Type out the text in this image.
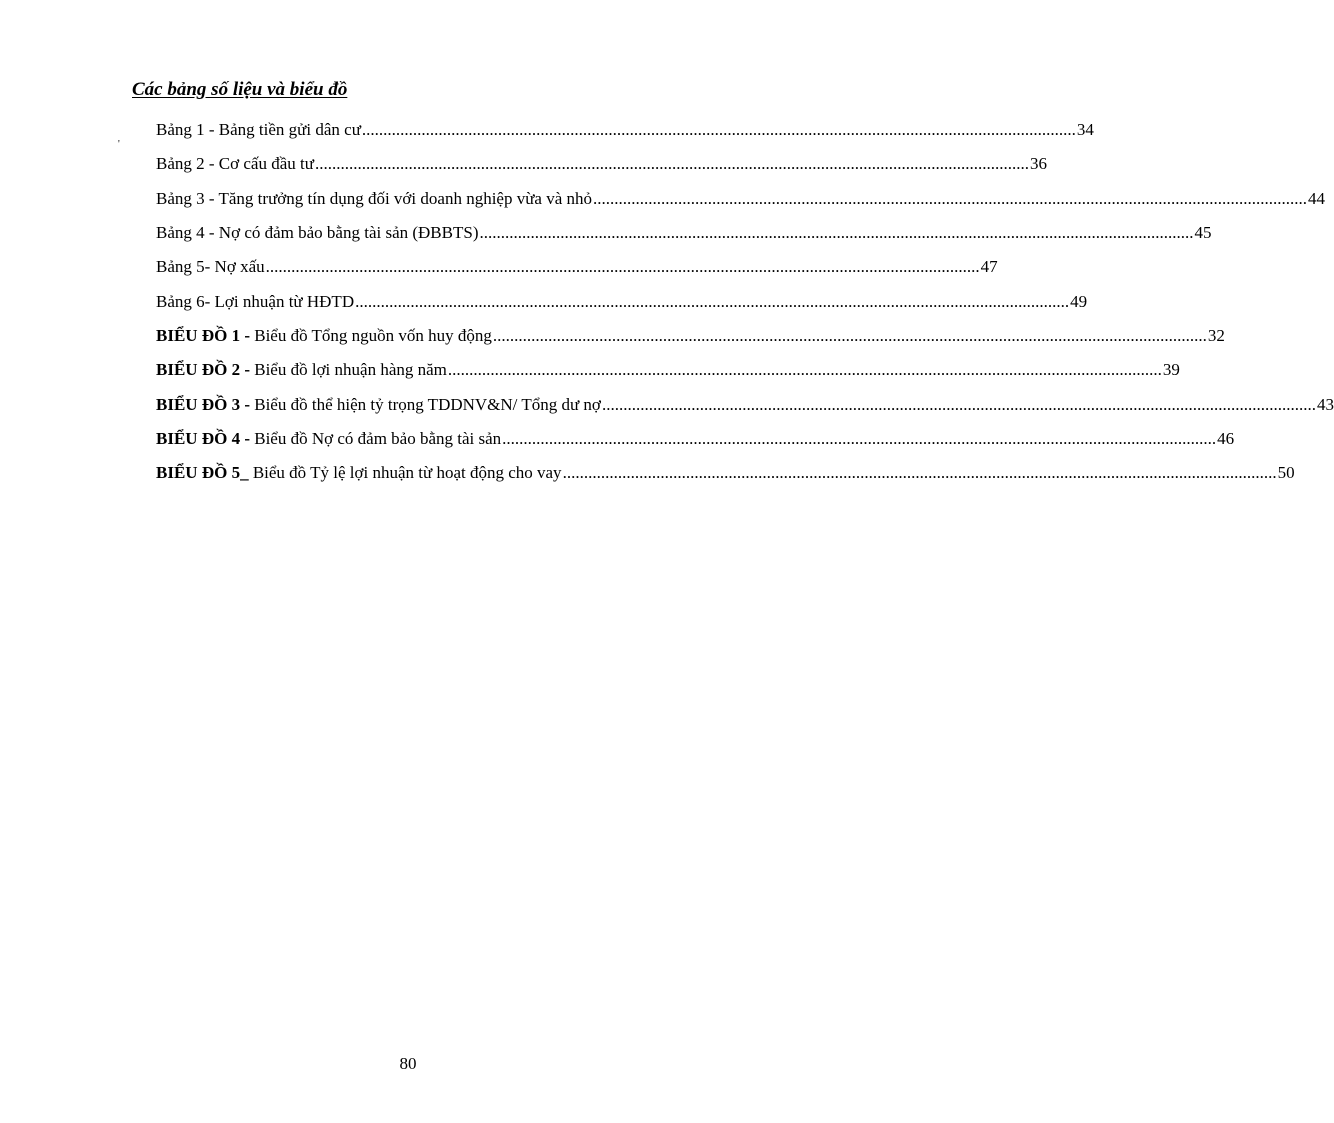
Các bảng số liệu và biểu đồ
'
Bảng 1 - Bảng tiền gửi dân cư ........................................................................................................................................................................ 34
Bảng 2 - Cơ cấu đầu tư ........................................................................................................................................................................ 36
Bảng 3 - Tăng trưởng tín dụng đối với doanh nghiệp vừa và nhỏ ........................................................................................................................................................................ 44
Bảng 4 - Nợ có đảm bảo bằng tài sản (ĐBBTS) ........................................................................................................................................................................ 45
Bảng 5- Nợ xấu ........................................................................................................................................................................ 47
Bảng 6- Lợi nhuận từ HĐTD ........................................................................................................................................................................ 49
BIỂU ĐỒ 1 - Biểu đồ Tổng nguồn vốn huy động ........................................................................................................................................................................ 32
BIỂU ĐỒ 2 - Biểu đồ lợi nhuận hàng năm ........................................................................................................................................................................ 39
BIỂU ĐỒ 3 - Biểu đồ thể hiện tỷ trọng TDDNV&N/ Tổng dư nợ ........................................................................................................................................................................ 43
BIỂU ĐỒ 4 - Biểu đồ Nợ có đảm bảo bằng tài sản ........................................................................................................................................................................ 46
BIỂU ĐỒ 5_ Biểu đồ Tỷ lệ lợi nhuận từ hoạt động cho vay ........................................................................................................................................................................ 50
80
